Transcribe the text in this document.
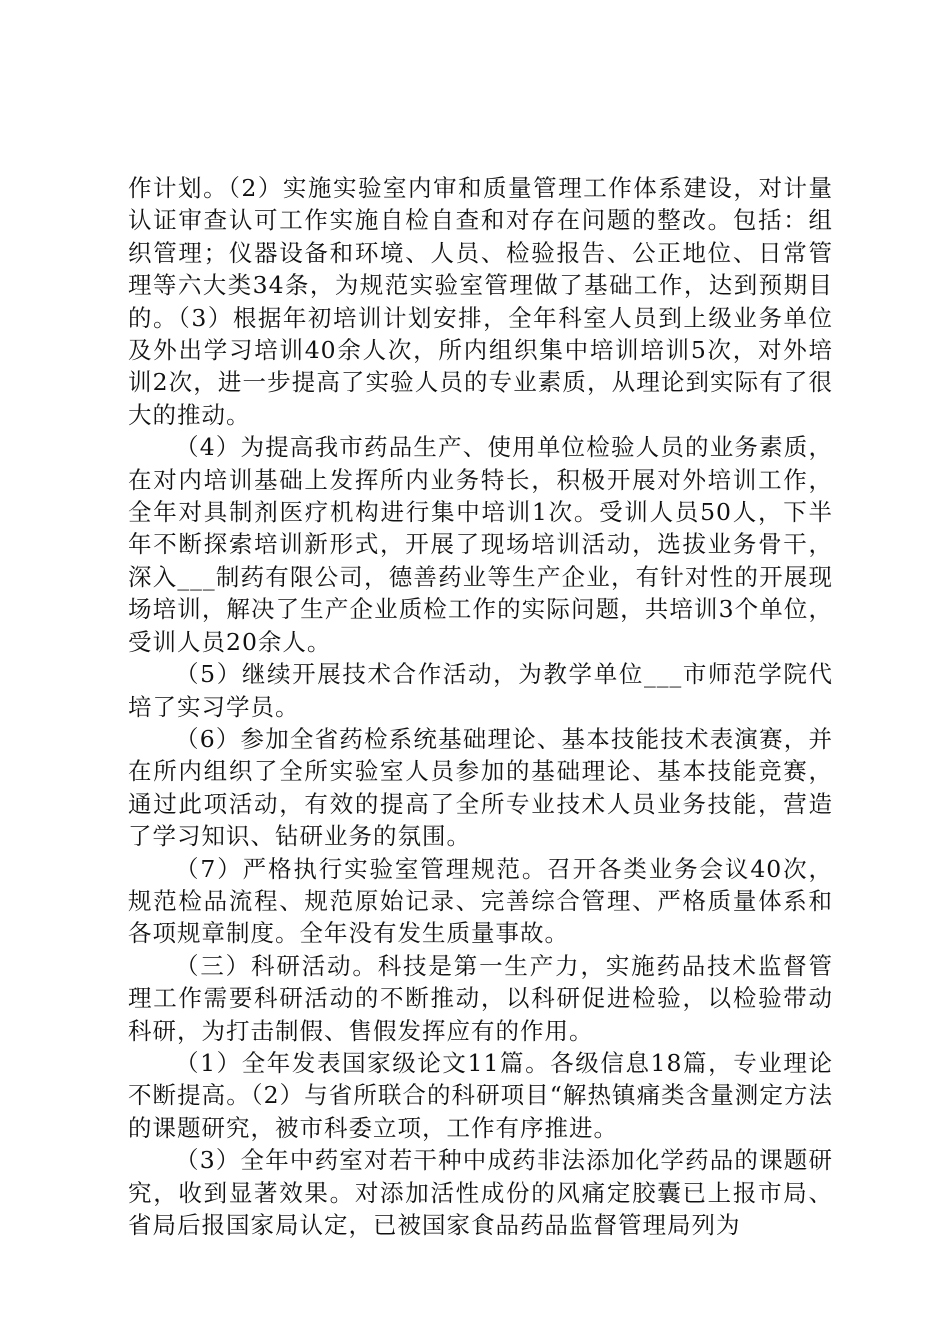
作计划。（2）实施实验室内审和质量管理工作体系建设，对计量认证审查认可工作实施自检自查和对存在问题的整改。包括：组织管理；仪器设备和环境、人员、检验报告、公正地位、日常管理等六大类34条，为规范实验室管理做了基础工作，达到预期目的。（3）根据年初培训计划安排，全年科室人员到上级业务单位及外出学习培训40余人次，所内组织集中培训培训5次，对外培训2次，进一步提高了实验人员的专业素质，从理论到实际有了很大的推动。

（4）为提高我市药品生产、使用单位检验人员的业务素质，在对内培训基础上发挥所内业务特长，积极开展对外培训工作，全年对具制剂医疗机构进行集中培训1次。受训人员50人，下半年不断探索培训新形式，开展了现场培训活动，选拔业务骨干，深入___制药有限公司，德善药业等生产企业，有针对性的开展现场培训，解决了生产企业质检工作的实际问题，共培训3个单位，受训人员20余人。

（5）继续开展技术合作活动，为教学单位___市师范学院代培了实习学员。

（6）参加全省药检系统基础理论、基本技能技术表演赛，并在所内组织了全所实验室人员参加的基础理论、基本技能竞赛，通过此项活动，有效的提高了全所专业技术人员业务技能，营造了学习知识、钻研业务的氛围。

（7）严格执行实验室管理规范。召开各类业务会议40次，规范检品流程、规范原始记录、完善综合管理、严格质量体系和各项规章制度。全年没有发生质量事故。

（三）科研活动。科技是第一生产力，实施药品技术监督管理工作需要科研活动的不断推动，以科研促进检验，以检验带动科研，为打击制假、售假发挥应有的作用。

（1）全年发表国家级论文11篇。各级信息18篇，专业理论不断提高。（2）与省所联合的科研项目“解热镇痛类含量测定方法的课题研究，被市科委立项，工作有序推进。

（3）全年中药室对若干种中成药非法添加化学药品的课题研究，收到显著效果。对添加活性成份的风痛定胶囊已上报市局、省局后报国家局认定，已被国家食品药品监督管理局列为
